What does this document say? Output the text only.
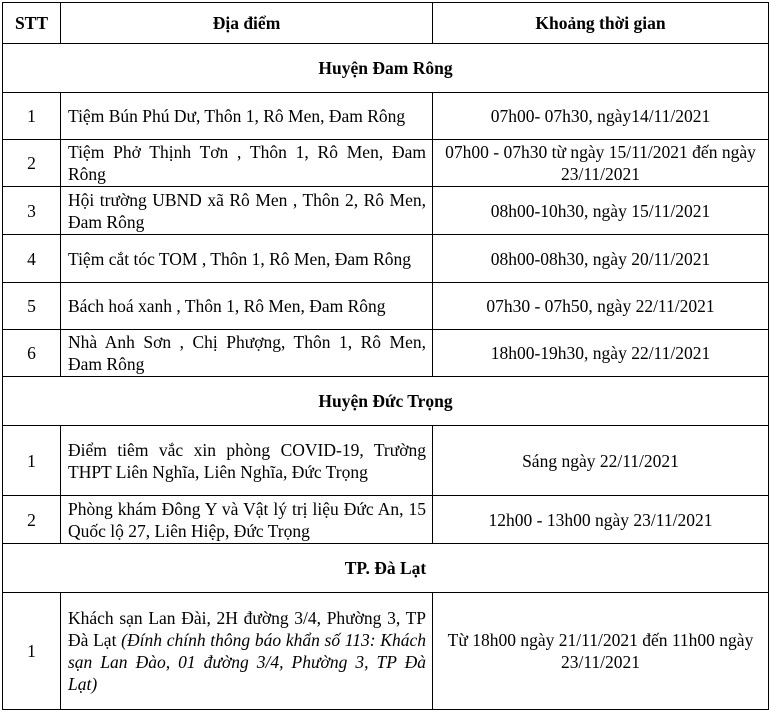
STT	Địa điểm	Khoảng thời gian
Huyện Đam Rông		
1	Tiệm Bún Phú Dư, Thôn 1, Rô Men, Đam Rông	07h00- 07h30, ngày14/11/2021
2	Tiệm Phở Thịnh Tơn , Thôn 1, Rô Men, Đam Rông	07h00 - 07h30 từ ngày 15/11/2021 đến ngày 23/11/2021
3	Hội trường UBND xã Rô Men , Thôn 2, Rô Men, Đam Rông	08h00-10h30, ngày 15/11/2021
4	Tiệm cắt tóc TOM , Thôn 1, Rô Men, Đam Rông	08h00-08h30, ngày 20/11/2021
5	Bách hoá xanh , Thôn 1, Rô Men, Đam Rông	07h30 - 07h50, ngày 22/11/2021
6	Nhà Anh Sơn , Chị Phượng, Thôn 1, Rô Men, Đam Rông	18h00-19h30, ngày 22/11/2021
Huyện Đức Trọng		
1	Điểm tiêm vắc xin phòng COVID-19, Trường THPT Liên Nghĩa, Liên Nghĩa, Đức Trọng	Sáng ngày 22/11/2021
2	Phòng khám Đông Y và Vật lý trị liệu Đức An, 15 Quốc lộ 27, Liên Hiệp, Đức Trọng	12h00 - 13h00 ngày 23/11/2021
TP. Đà Lạt		
1	Khách sạn Lan Đài, 2H đường 3/4, Phường 3, TP Đà Lạt (Đính chính thông báo khẩn số 113: Khách sạn Lan Đào, 01 đường 3/4, Phường 3, TP Đà Lạt)	Từ 18h00 ngày 21/11/2021 đến 11h00 ngày 23/11/2021
